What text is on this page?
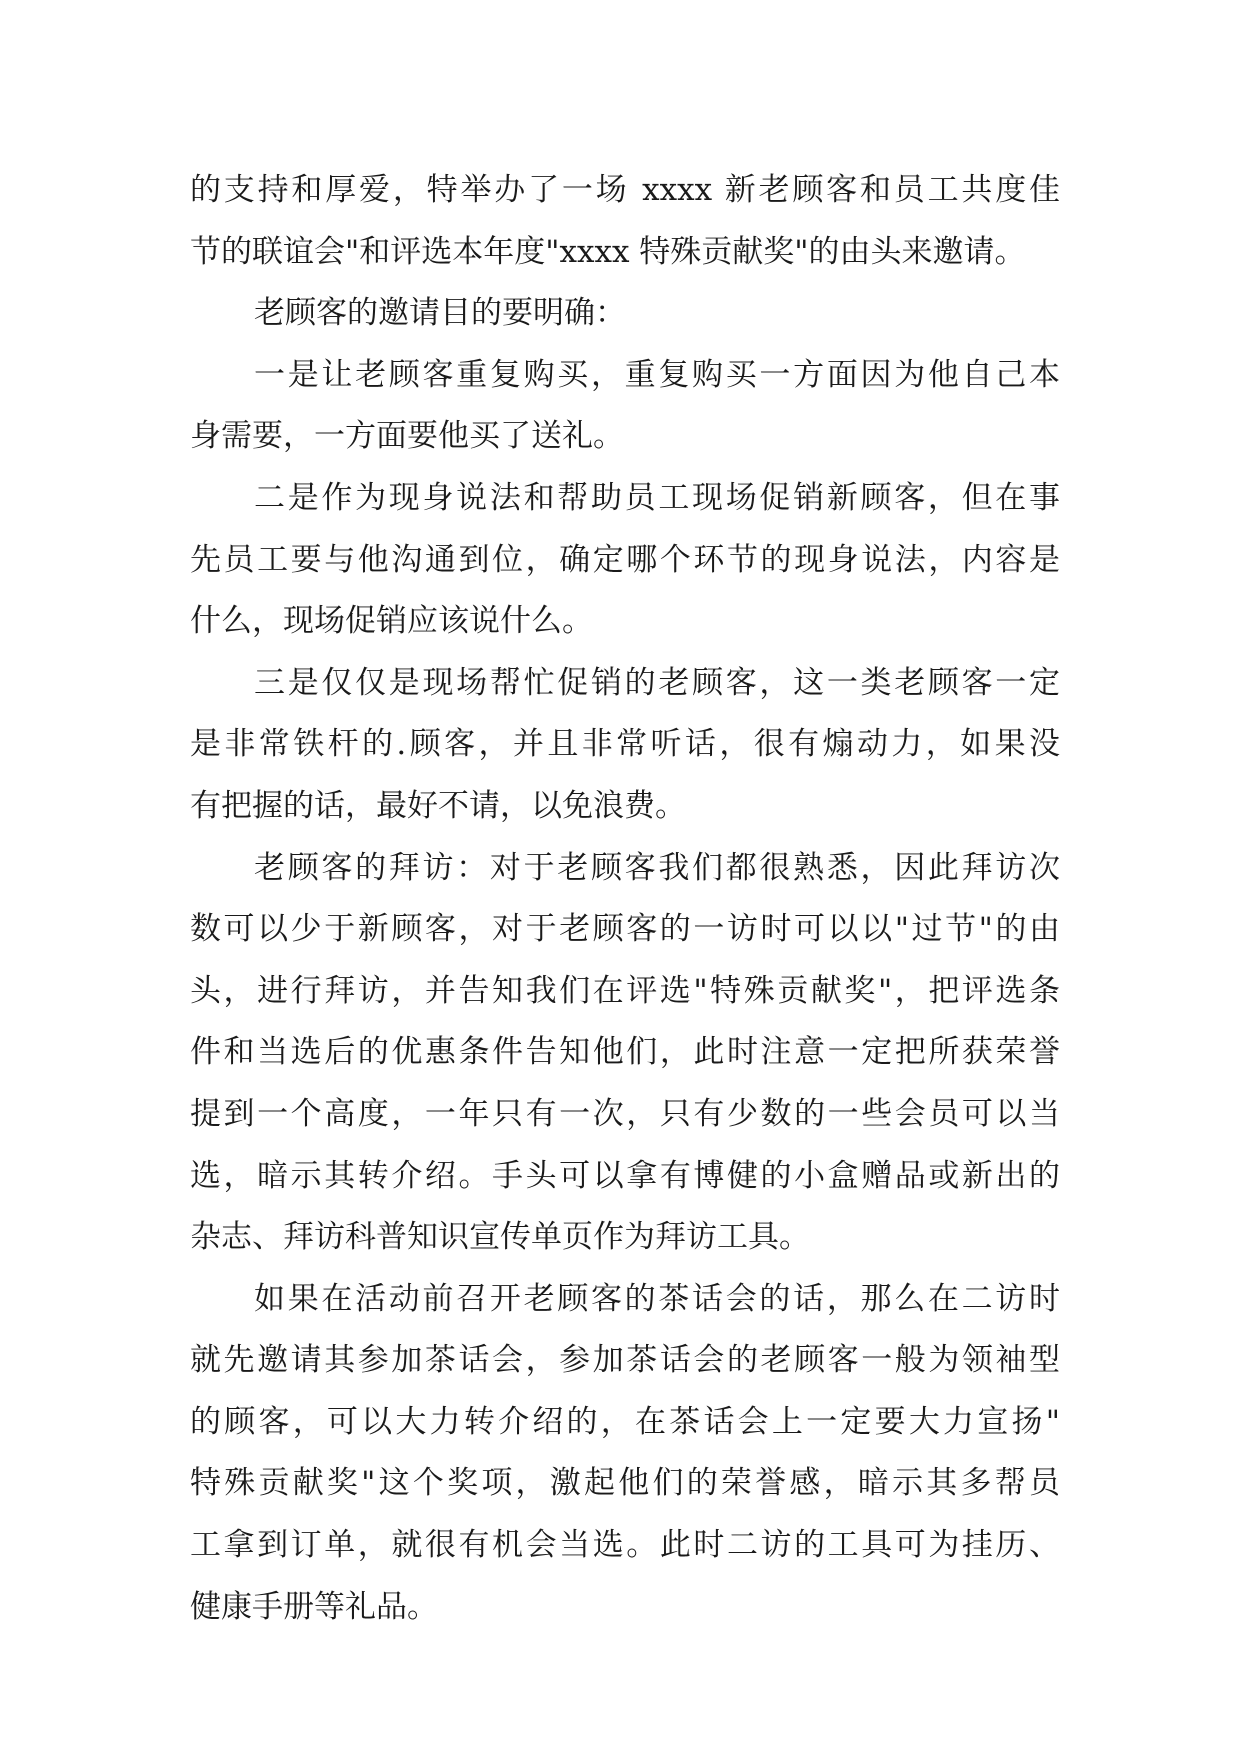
的支持和厚爱，特举办了一场 xxxx 新老顾客和员工共度佳
节的联谊会"和评选本年度"xxxx 特殊贡献奖"的由头来邀请。
老顾客的邀请目的要明确：
一是让老顾客重复购买，重复购买一方面因为他自己本
身需要，一方面要他买了送礼。
二是作为现身说法和帮助员工现场促销新顾客，但在事
先员工要与他沟通到位，确定哪个环节的现身说法，内容是
什么，现场促销应该说什么。
三是仅仅是现场帮忙促销的老顾客，这一类老顾客一定
是非常铁杆的.顾客，并且非常听话，很有煽动力，如果没
有把握的话，最好不请，以免浪费。
老顾客的拜访：对于老顾客我们都很熟悉，因此拜访次
数可以少于新顾客，对于老顾客的一访时可以以"过节"的由
头，进行拜访，并告知我们在评选"特殊贡献奖"，把评选条
件和当选后的优惠条件告知他们，此时注意一定把所获荣誉
提到一个高度，一年只有一次，只有少数的一些会员可以当
选，暗示其转介绍。手头可以拿有博健的小盒赠品或新出的
杂志、拜访科普知识宣传单页作为拜访工具。
如果在活动前召开老顾客的茶话会的话，那么在二访时
就先邀请其参加茶话会，参加茶话会的老顾客一般为领袖型
的顾客，可以大力转介绍的，在茶话会上一定要大力宣扬"
特殊贡献奖"这个奖项，激起他们的荣誉感，暗示其多帮员
工拿到订单，就很有机会当选。此时二访的工具可为挂历、
健康手册等礼品。
